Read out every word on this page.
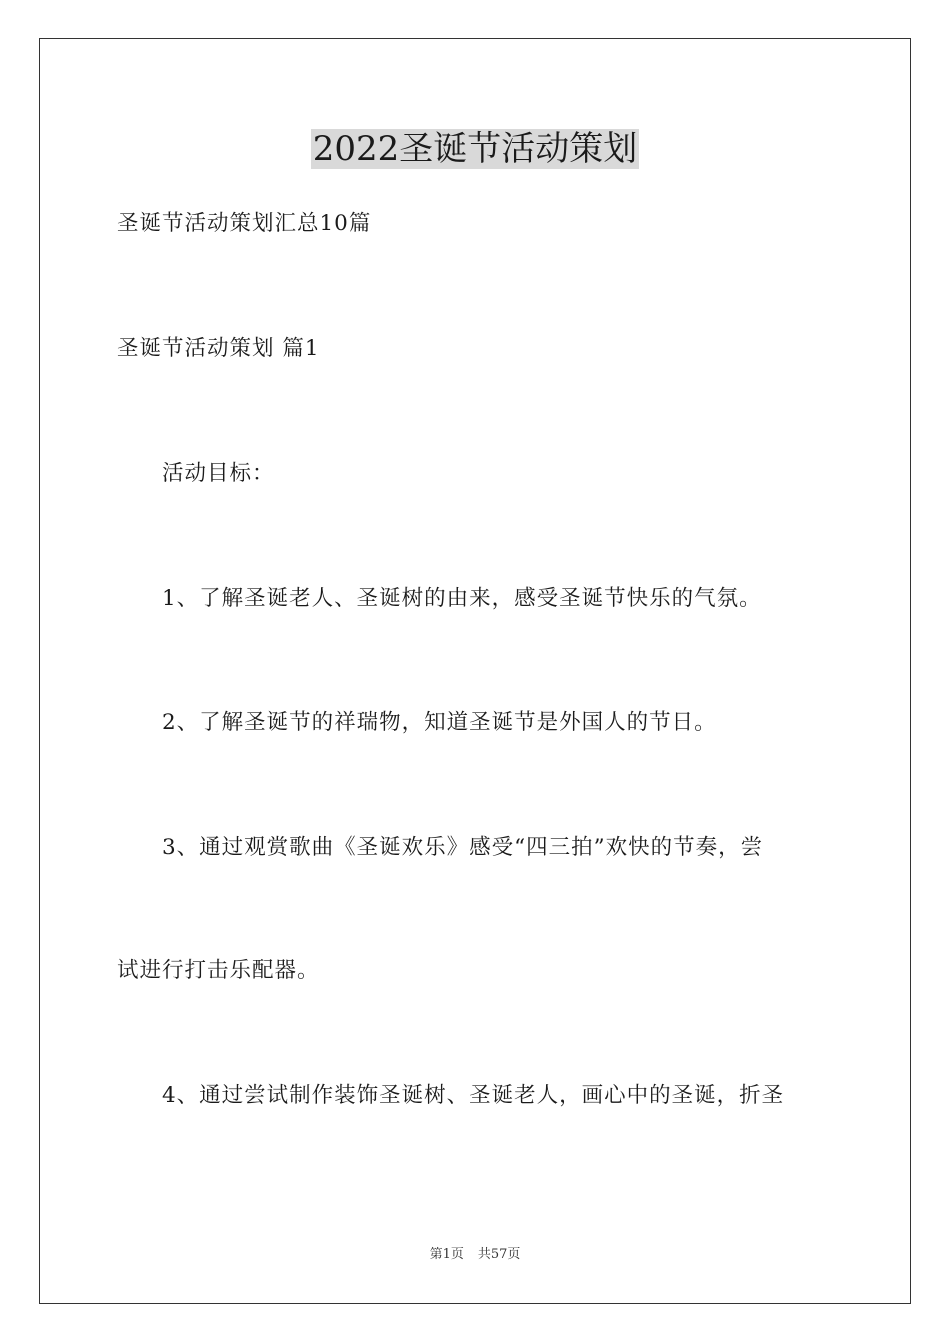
2022圣诞节活动策划
圣诞节活动策划汇总10篇
圣诞节活动策划 篇1
活动目标：
1、了解圣诞老人、圣诞树的由来，感受圣诞节快乐的气氛。
2、了解圣诞节的祥瑞物，知道圣诞节是外国人的节日。
3、通过观赏歌曲《圣诞欢乐》感受“四三拍”欢快的节奏，尝
试进行打击乐配器。
4、通过尝试制作装饰圣诞树、圣诞老人，画心中的圣诞，折圣
第1页 共57页
